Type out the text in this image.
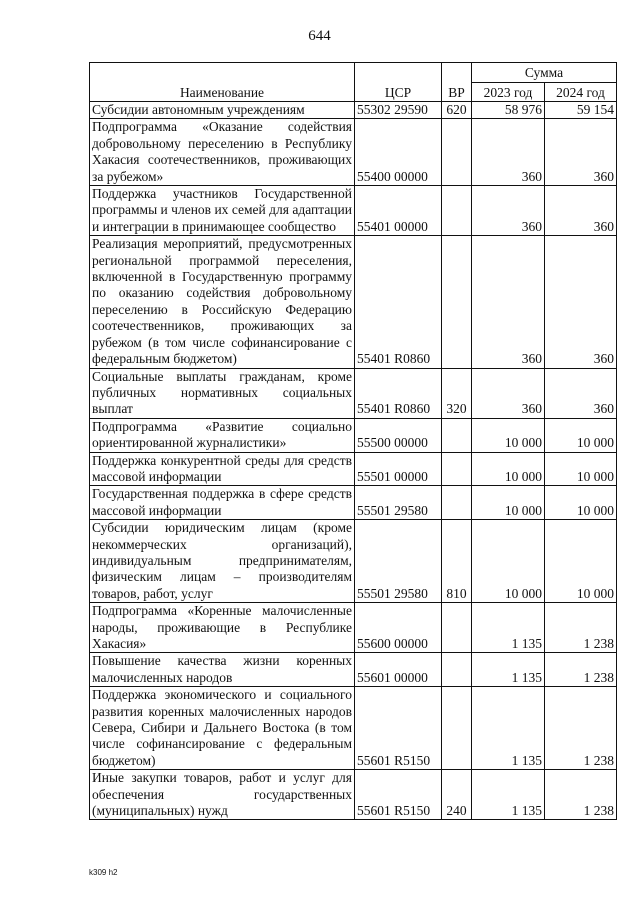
644
Наименование	ЦСР	ВР	Сумма	
			2023 год	2024 год
Субсидии автономным учреждениям	55302 29590	620	58 976	59 154
Подпрограмма «Оказание содействия добровольному переселению в Республику Хакасия соотечественников, проживающих за рубежом»	55400 00000		360	360
Поддержка участников Государственной программы и членов их семей для адаптации и интеграции в принимающее сообщество	55401 00000		360	360
Реализация мероприятий, предусмотренных региональной программой переселения, включенной в Государственную программу по оказанию содействия добровольному переселению в Российскую Федерацию соотечественников, проживающих за рубежом (в том числе софинансирование с федеральным бюджетом)	55401 R0860		360	360
Социальные выплаты гражданам, кроме публичных нормативных социальных выплат	55401 R0860	320	360	360
Подпрограмма «Развитие социально ориентированной журналистики»	55500 00000		10 000	10 000
Поддержка конкурентной среды для средств массовой информации	55501 00000		10 000	10 000
Государственная поддержка в сфере средств массовой информации	55501 29580		10 000	10 000
Субсидии юридическим лицам (кроме некоммерческих организаций), индивидуальным предпринимателям, физическим лицам – производителям товаров, работ, услуг	55501 29580	810	10 000	10 000
Подпрограмма «Коренные малочисленные народы, проживающие в Республике Хакасия»	55600 00000		1 135	1 238
Повышение качества жизни коренных малочисленных народов	55601 00000		1 135	1 238
Поддержка экономического и социального развития коренных малочисленных народов Севера, Сибири и Дальнего Востока (в том числе софинансирование с федеральным бюджетом)	55601 R5150		1 135	1 238
Иные закупки товаров, работ и услуг для обеспечения государственных (муниципальных) нужд	55601 R5150	240	1 135	1 238
k309 h2
